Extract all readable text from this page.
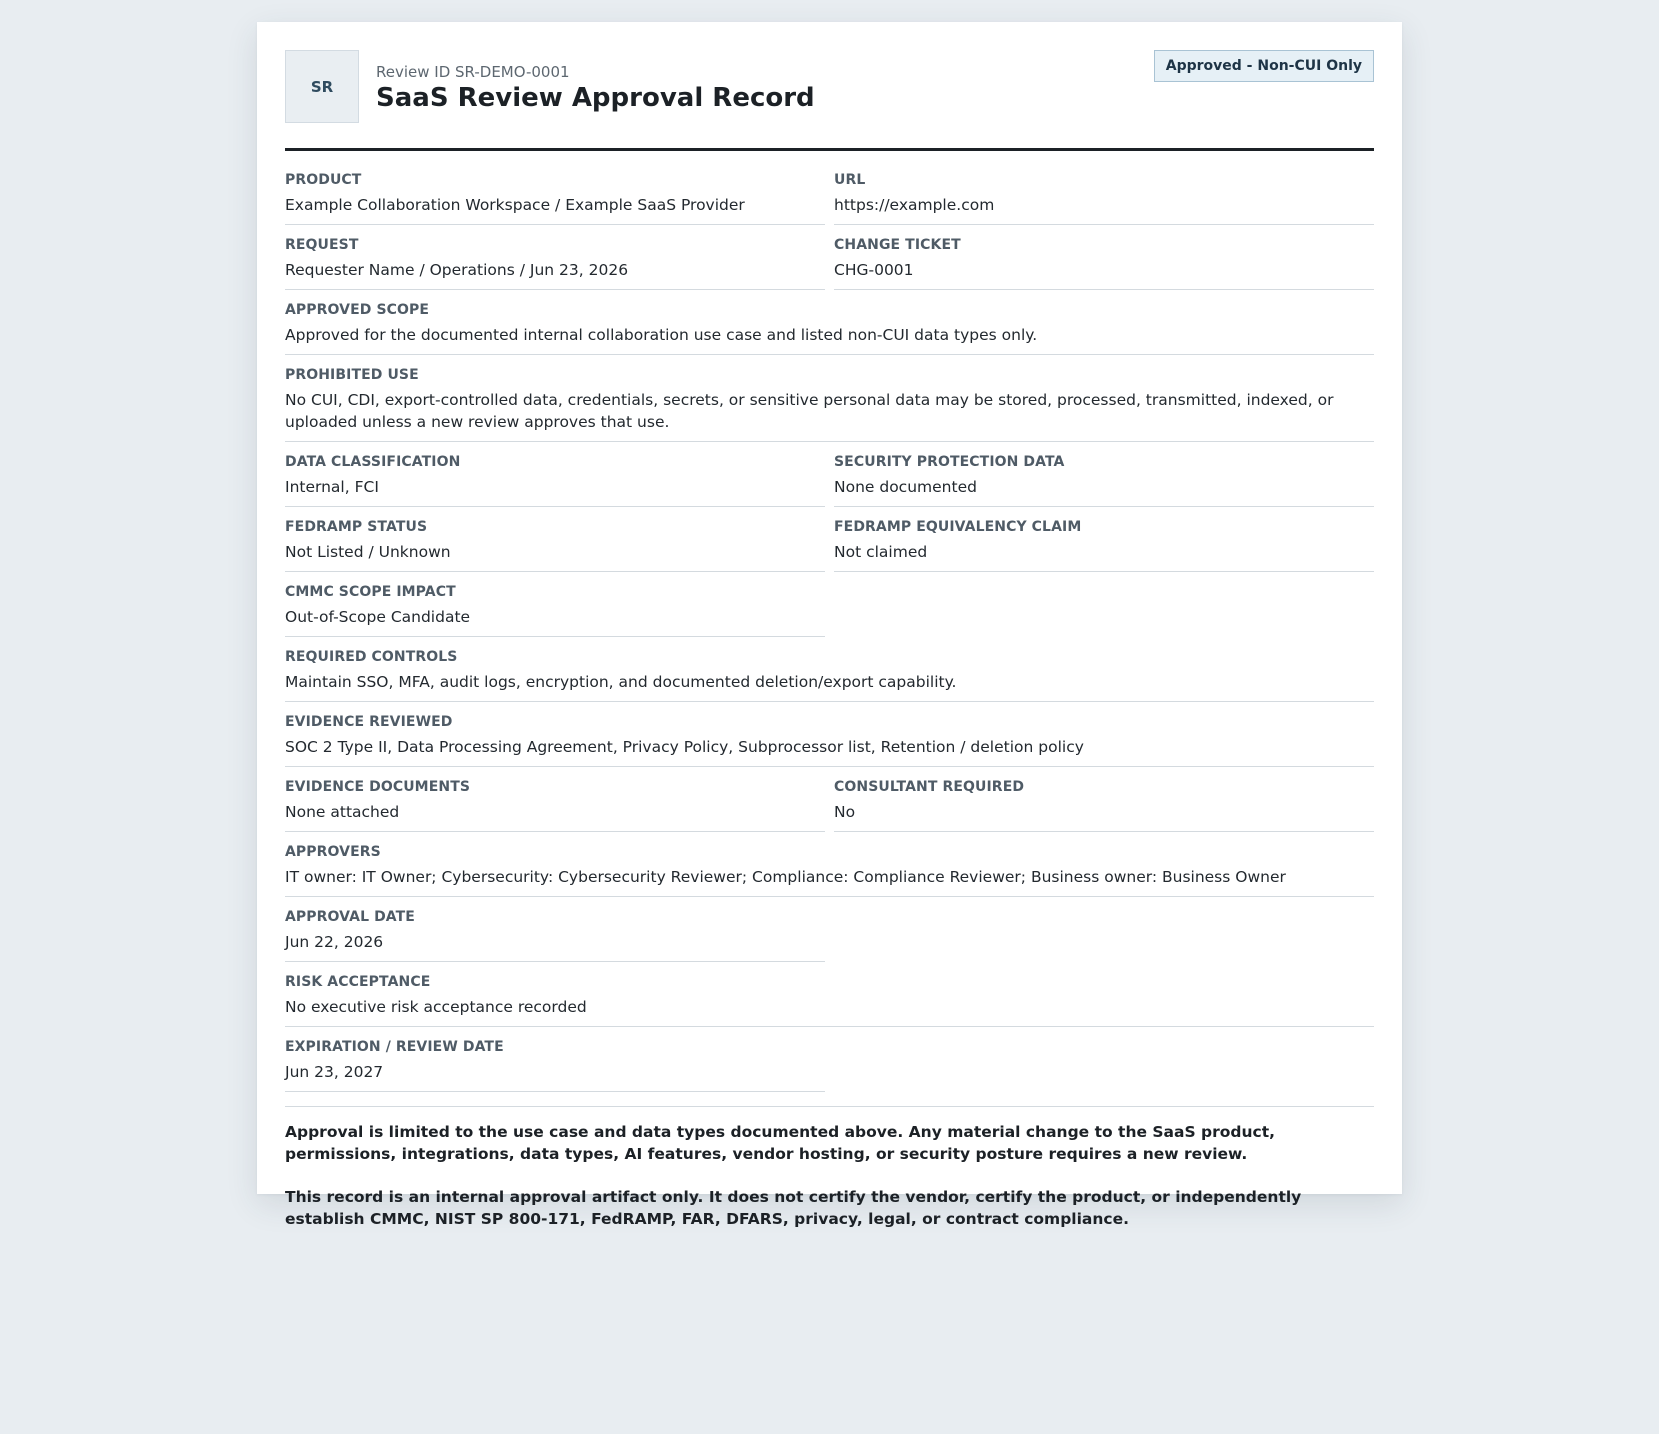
SR
Review ID SR-DEMO-0001
SaaS Review Approval Record
Approved - Non-CUI Only
PRODUCT
Example Collaboration Workspace / Example SaaS Provider
URL
https://example.com
REQUEST
Requester Name / Operations / Jun 23, 2026
CHANGE TICKET
CHG-0001
APPROVED SCOPE
Approved for the documented internal collaboration use case and listed non-CUI data types only.
PROHIBITED USE
No CUI, CDI, export-controlled data, credentials, secrets, or sensitive personal data may be stored, processed, transmitted, indexed, or uploaded unless a new review approves that use.
DATA CLASSIFICATION
Internal, FCI
SECURITY PROTECTION DATA
None documented
FEDRAMP STATUS
Not Listed / Unknown
FEDRAMP EQUIVALENCY CLAIM
Not claimed
CMMC SCOPE IMPACT
Out-of-Scope Candidate
REQUIRED CONTROLS
Maintain SSO, MFA, audit logs, encryption, and documented deletion/export capability.
EVIDENCE REVIEWED
SOC 2 Type II, Data Processing Agreement, Privacy Policy, Subprocessor list, Retention / deletion policy
EVIDENCE DOCUMENTS
None attached
CONSULTANT REQUIRED
No
APPROVERS
IT owner: IT Owner; Cybersecurity: Cybersecurity Reviewer; Compliance: Compliance Reviewer; Business owner: Business Owner
APPROVAL DATE
Jun 22, 2026
RISK ACCEPTANCE
No executive risk acceptance recorded
EXPIRATION / REVIEW DATE
Jun 23, 2027

Approval is limited to the use case and data types documented above. Any material change to the SaaS product, permissions, integrations, data types, AI features, vendor hosting, or security posture requires a new review.

This record is an internal approval artifact only. It does not certify the vendor, certify the product, or independently establish CMMC, NIST SP 800-171, FedRAMP, FAR, DFARS, privacy, legal, or contract compliance.
